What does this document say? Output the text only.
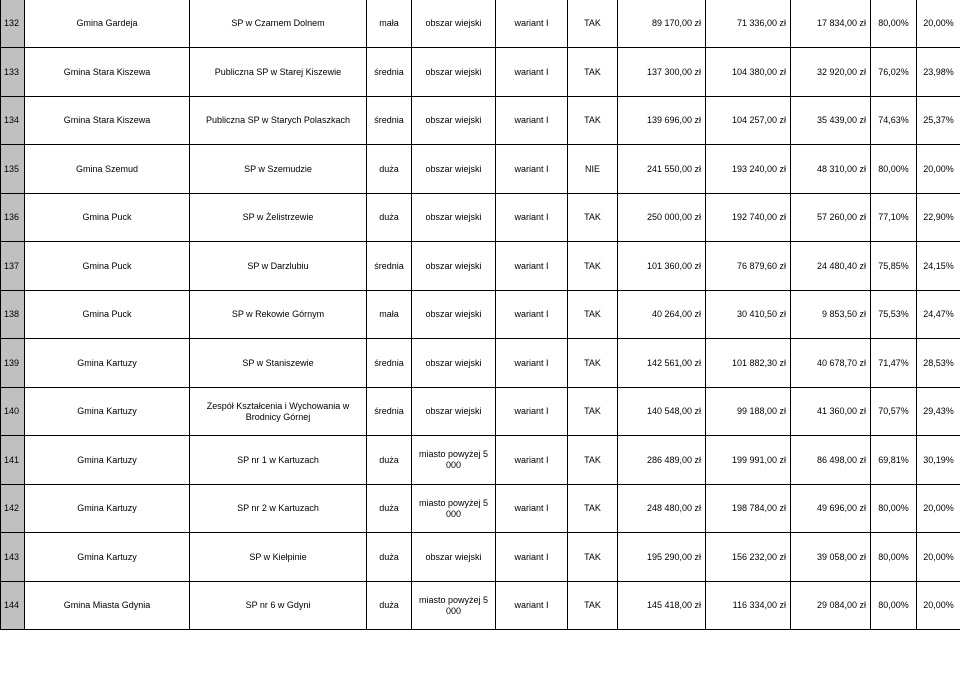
132	Gmina Gardeja	SP w Czarnem Dolnem	mała	obszar wiejski	wariant I	TAK	89 170,00 zł	71 336,00 zł	17 834,00 zł	80,00%	20,00%
133	Gmina Stara Kiszewa	Publiczna SP w Starej Kiszewie	średnia	obszar wiejski	wariant I	TAK	137 300,00 zł	104 380,00 zł	32 920,00 zł	76,02%	23,98%
134	Gmina Stara Kiszewa	Publiczna SP w Starych Polaszkach	średnia	obszar wiejski	wariant I	TAK	139 696,00 zł	104 257,00 zł	35 439,00 zł	74,63%	25,37%
135	Gmina Szemud	SP w Szemudzie	duża	obszar wiejski	wariant I	NIE	241 550,00 zł	193 240,00 zł	48 310,00 zł	80,00%	20,00%
136	Gmina Puck	SP w Żelistrzewie	duża	obszar wiejski	wariant I	TAK	250 000,00 zł	192 740,00 zł	57 260,00 zł	77,10%	22,90%
137	Gmina Puck	SP w Darzlubiu	średnia	obszar wiejski	wariant I	TAK	101 360,00 zł	76 879,60 zł	24 480,40 zł	75,85%	24,15%
138	Gmina Puck	SP w Rekowie Górnym	mała	obszar wiejski	wariant I	TAK	40 264,00 zł	30 410,50 zł	9 853,50 zł	75,53%	24,47%
139	Gmina Kartuzy	SP w Staniszewie	średnia	obszar wiejski	wariant I	TAK	142 561,00 zł	101 882,30 zł	40 678,70 zł	71,47%	28,53%
140	Gmina Kartuzy	Zespół Kształcenia i Wychowania w Brodnicy Górnej	średnia	obszar wiejski	wariant I	TAK	140 548,00 zł	99 188,00 zł	41 360,00 zł	70,57%	29,43%
141	Gmina Kartuzy	SP nr 1 w Kartuzach	duża	miasto powyżej 5 000	wariant I	TAK	286 489,00 zł	199 991,00 zł	86 498,00 zł	69,81%	30,19%
142	Gmina Kartuzy	SP nr 2 w Kartuzach	duża	miasto powyżej 5 000	wariant I	TAK	248 480,00 zł	198 784,00 zł	49 696,00 zł	80,00%	20,00%
143	Gmina Kartuzy	SP w Kiełpinie	duża	obszar wiejski	wariant I	TAK	195 290,00 zł	156 232,00 zł	39 058,00 zł	80,00%	20,00%
144	Gmina Miasta Gdynia	SP nr 6 w Gdyni	duża	miasto powyżej 5 000	wariant I	TAK	145 418,00 zł	116 334,00 zł	29 084,00 zł	80,00%	20,00%
